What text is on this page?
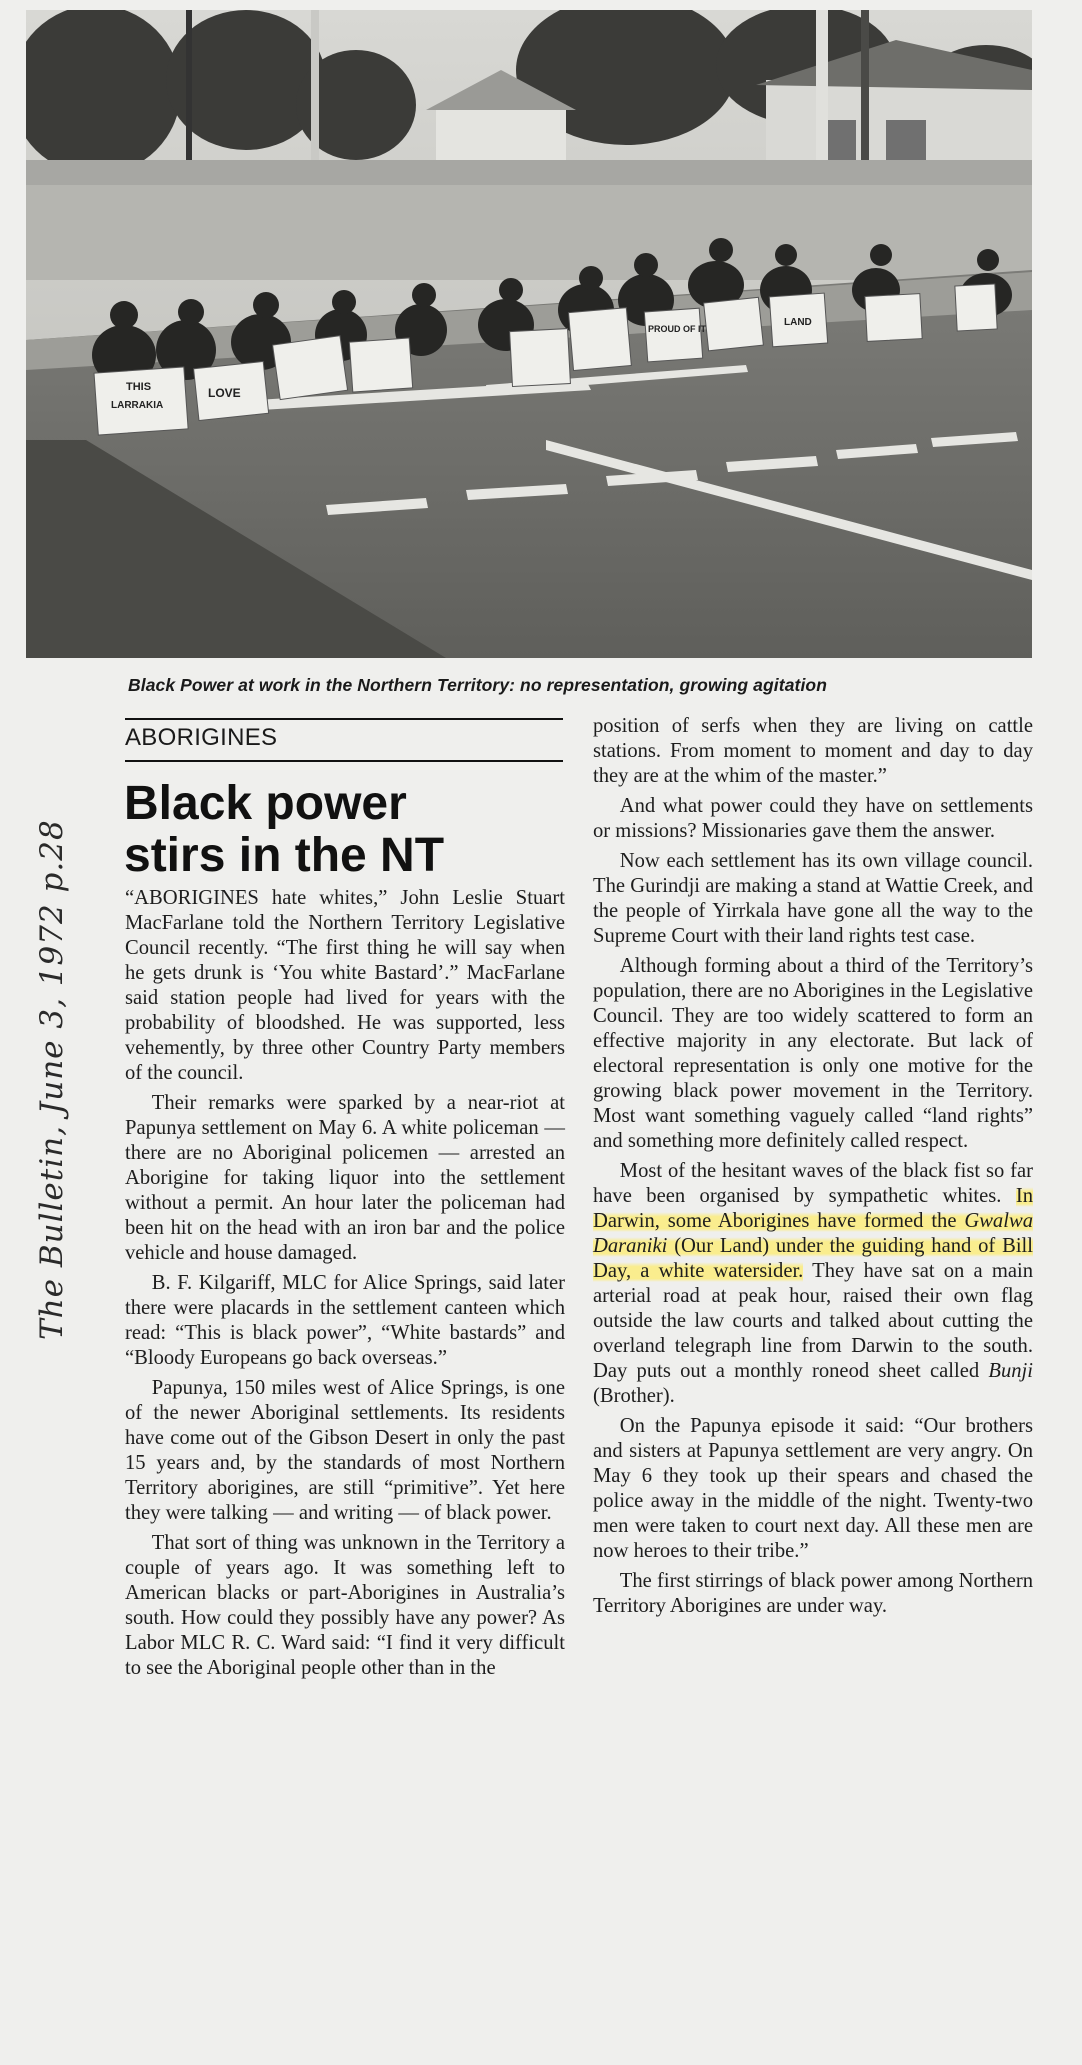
THIS
LARRAKIA
LOVE
PROUD OF IT
LAND
Black Power at work in the Northern Territory: no representation, growing agitation
The Bulletin, June 3, 1972 p.28
ABORIGINES
Black power
stirs in the NT

“ABORIGINES hate whites,” John Leslie Stuart MacFarlane told the Northern Territory Legislative Council recently. “The first thing he will say when he gets drunk is ‘You white Bastard’.” MacFarlane said station people had lived for years with the probability of bloodshed. He was supported, less vehemently, by three other Country Party members of the council.

Their remarks were sparked by a near-riot at Papunya settlement on May 6. A white policeman — there are no Aboriginal policemen — arrested an Aborigine for taking liquor into the settlement without a permit. An hour later the policeman had been hit on the head with an iron bar and the police vehicle and house damaged.

B. F. Kilgariff, MLC for Alice Springs, said later there were placards in the settlement canteen which read: “This is black power”, “White bastards” and “Bloody Europeans go back overseas.”

Papunya, 150 miles west of Alice Springs, is one of the newer Aboriginal settlements. Its residents have come out of the Gibson Desert in only the past 15 years and, by the standards of most Northern Territory aborigines, are still “primitive”. Yet here they were talking — and writing — of black power.

That sort of thing was unknown in the Territory a couple of years ago. It was something left to American blacks or part-Aborigines in Australia’s south. How could they possibly have any power? As Labor MLC R. C. Ward said: “I find it very difficult to see the Aboriginal people other than in the

position of serfs when they are living on cattle stations. From moment to moment and day to day they are at the whim of the master.”

And what power could they have on settlements or missions? Missionaries gave them the answer.

Now each settlement has its own village council. The Gurindji are making a stand at Wattie Creek, and the people of Yirrkala have gone all the way to the Supreme Court with their land rights test case.

Although forming about a third of the Territory’s population, there are no Aborigines in the Legislative Council. They are too widely scattered to form an effective majority in any electorate. But lack of electoral representation is only one motive for the growing black power movement in the Territory. Most want something vaguely called “land rights” and something more definitely called respect.

Most of the hesitant waves of the black fist so far have been organised by sympathetic whites. In Darwin, some Aborigines have formed the Gwalwa Daraniki (Our Land) under the guiding hand of Bill Day, a white watersider. They have sat on a main arterial road at peak hour, raised their own flag outside the law courts and talked about cutting the overland telegraph line from Darwin to the south. Day puts out a monthly roneod sheet called Bunji (Brother).

On the Papunya episode it said: “Our brothers and sisters at Papunya settlement are very angry. On May 6 they took up their spears and chased the police away in the middle of the night. Twenty-two men were taken to court next day. All these men are now heroes to their tribe.”

The first stirrings of black power among Northern Territory Aborigines are under way.
